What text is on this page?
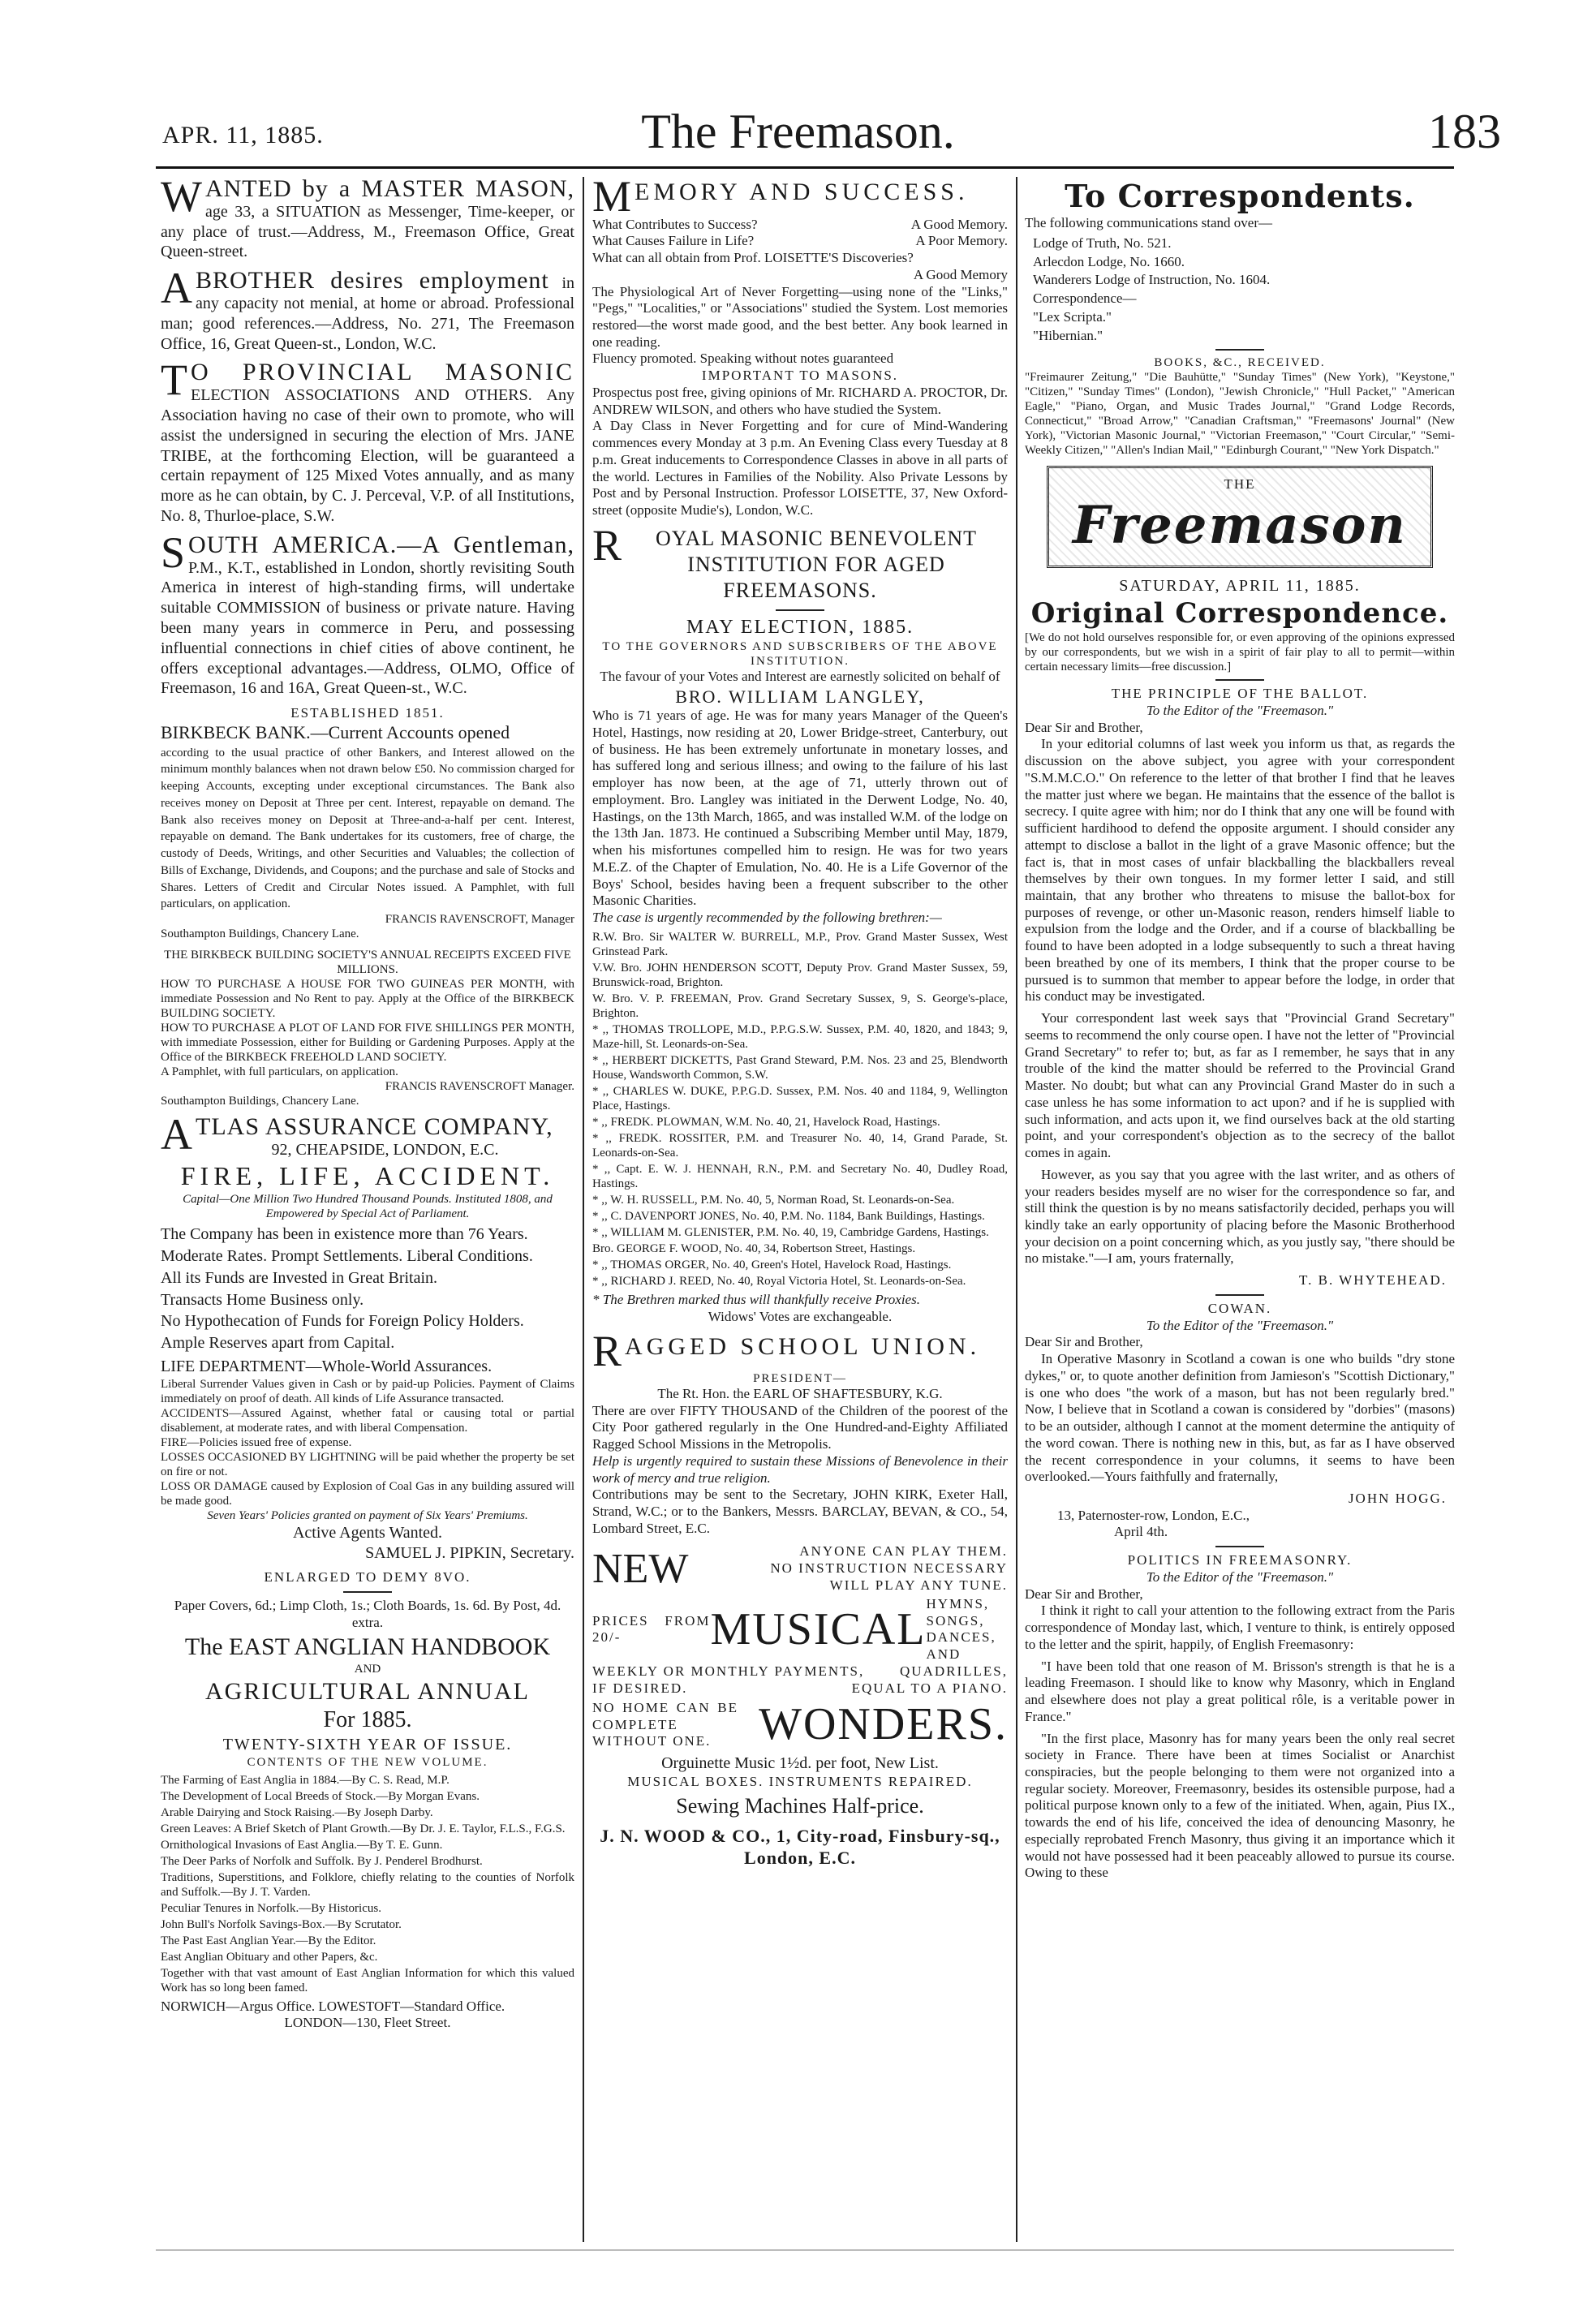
APR. 11, 1885.	The Freemason.	183
W ANTED by a MASTER MASON, age 33, a SITUATION as Messenger, Time-keeper, or any place of trust.—Address, M., Freemason Office, Great Queen-street.
A BROTHER desires employment in any capacity not menial, at home or abroad. Professional man; good references.—Address, No. 271, The Freemason Office, 16, Great Queen-st., London, W.C.
T O PROVINCIAL MASONIC ELECTION ASSOCIATIONS AND OTHERS. Any Association having no case of their own to promote, who will assist the undersigned in securing the election of Mrs. JANE TRIBE, at the forthcoming Election, will be guaranteed a certain repayment of 125 Mixed Votes annually, and as many more as he can obtain, by C. J. Perceval, V.P. of all Institutions, No. 8, Thurloe-place, S.W.
S OUTH AMERICA.—A Gentleman, P.M., K.T., established in London, shortly revisiting South America in interest of high-standing firms, will undertake suitable COMMISSION of business or private nature. Having been many years in commerce in Peru, and possessing influential connections in chief cities of above continent, he offers exceptional advantages.—Address, OLMO, Office of Freemason, 16 and 16A, Great Queen-st., W.C.
ESTABLISHED 1851.
BIRKBECK BANK.—Current Accounts opened
according to the usual practice of other Bankers, and Interest allowed on the minimum monthly balances when not drawn below £50. No commission charged for keeping Accounts, excepting under exceptional circumstances. The Bank also receives money on Deposit at Three per cent. Interest, repayable on demand. The Bank also receives money on Deposit at Three-and-a-half per cent. Interest, repayable on demand. The Bank undertakes for its customers, free of charge, the custody of Deeds, Writings, and other Securities and Valuables; the collection of Bills of Exchange, Dividends, and Coupons; and the purchase and sale of Stocks and Shares. Letters of Credit and Circular Notes issued. A Pamphlet, with full particulars, on application.
FRANCIS RAVENSCROFT, Manager
Southampton Buildings, Chancery Lane.
THE BIRKBECK BUILDING SOCIETY'S ANNUAL RECEIPTS EXCEED FIVE MILLIONS.
HOW TO PURCHASE A HOUSE FOR TWO GUINEAS PER MONTH, with immediate Possession and No Rent to pay. Apply at the Office of the BIRKBECK BUILDING SOCIETY.
HOW TO PURCHASE A PLOT OF LAND FOR FIVE SHILLINGS PER MONTH, with immediate Possession, either for Building or Gardening Purposes. Apply at the Office of the BIRKBECK FREEHOLD LAND SOCIETY.
A Pamphlet, with full particulars, on application.
FRANCIS RAVENSCROFT Manager.
Southampton Buildings, Chancery Lane.
A TLAS ASSURANCE COMPANY,
92, CHEAPSIDE, LONDON, E.C.
FIRE, LIFE, ACCIDENT.
Capital—One Million Two Hundred Thousand Pounds. Instituted 1808, and Empowered by Special Act of Parliament.
The Company has been in existence more than 76 Years.
Moderate Rates. Prompt Settlements. Liberal Conditions.
All its Funds are Invested in Great Britain.
Transacts Home Business only.
No Hypothecation of Funds for Foreign Policy Holders.
Ample Reserves apart from Capital.
LIFE DEPARTMENT—Whole-World Assurances.
Liberal Surrender Values given in Cash or by paid-up Policies. Payment of Claims immediately on proof of death. All kinds of Life Assurance transacted.
ACCIDENTS—Assured Against, whether fatal or causing total or partial disablement, at moderate rates, and with liberal Compensation.
FIRE—Policies issued free of expense.
LOSSES OCCASIONED BY LIGHTNING will be paid whether the property be set on fire or not.
LOSS OR DAMAGE caused by Explosion of Coal Gas in any building assured will be made good.
Seven Years' Policies granted on payment of Six Years' Premiums.
Active Agents Wanted.
SAMUEL J. PIPKIN, Secretary.
ENLARGED TO DEMY 8VO.
Paper Covers, 6d.; Limp Cloth, 1s.; Cloth Boards, 1s. 6d. By Post, 4d. extra.
The EAST ANGLIAN HANDBOOK
AND
AGRICULTURAL ANNUAL
For 1885.
TWENTY-SIXTH YEAR OF ISSUE.
CONTENTS OF THE NEW VOLUME.
The Farming of East Anglia in 1884.—By C. S. Read, M.P.
The Development of Local Breeds of Stock.—By Morgan Evans.
Arable Dairying and Stock Raising.—By Joseph Darby.
Green Leaves: A Brief Sketch of Plant Growth.—By Dr. J. E. Taylor, F.L.S., F.G.S.
Ornithological Invasions of East Anglia.—By T. E. Gunn.
The Deer Parks of Norfolk and Suffolk. By J. Penderel Brodhurst.
Traditions, Superstitions, and Folklore, chiefly relating to the counties of Norfolk and Suffolk.—By J. T. Varden.
Peculiar Tenures in Norfolk.—By Historicus.
John Bull's Norfolk Savings-Box.—By Scrutator.
The Past East Anglian Year.—By the Editor.
East Anglian Obituary and other Papers, &c.
Together with that vast amount of East Anglian Information for which this valued Work has so long been famed.
NORWICH—Argus Office. LOWESTOFT—Standard Office.
LONDON—130, Fleet Street.
M EMORY AND SUCCESS.
What Contributes to Success?	A Good Memory.
What Causes Failure in Life?	A Poor Memory.
What can all obtain from Prof. LOISETTE'S Discoveries?
A Good Memory
The Physiological Art of Never Forgetting—using none of the "Links," "Pegs," "Localities," or "Associations" studied the System. Lost memories restored—the worst made good, and the best better. Any book learned in one reading.
Fluency promoted. Speaking without notes guaranteed
IMPORTANT TO MASONS.
Prospectus post free, giving opinions of Mr. RICHARD A. PROCTOR, Dr. ANDREW WILSON, and others who have studied the System.
A Day Class in Never Forgetting and for cure of Mind-Wandering commences every Monday at 3 p.m. An Evening Class every Tuesday at 8 p.m. Great inducements to Correspondence Classes in above in all parts of the world. Lectures in Families of the Nobility. Also Private Lessons by Post and by Personal Instruction. Professor LOISETTE, 37, New Oxford-street (opposite Mudie's), London, W.C.
R	OYAL MASONIC BENEVOLENT INSTITUTION FOR AGED FREEMASONS.
MAY ELECTION, 1885.
TO THE GOVERNORS AND SUBSCRIBERS OF THE ABOVE INSTITUTION.
The favour of your Votes and Interest are earnestly solicited on behalf of
BRO. WILLIAM LANGLEY,
Who is 71 years of age. He was for many years Manager of the Queen's Hotel, Hastings, now residing at 20, Lower Bridge-street, Canterbury, out of business. He has been extremely unfortunate in monetary losses, and has suffered long and serious illness; and owing to the failure of his last employer has now been, at the age of 71, utterly thrown out of employment. Bro. Langley was initiated in the Derwent Lodge, No. 40, Hastings, on the 13th March, 1865, and was installed W.M. of the lodge on the 13th Jan. 1873. He continued a Subscribing Member until May, 1879, when his misfortunes compelled him to resign. He was for two years M.E.Z. of the Chapter of Emulation, No. 40. He is a Life Governor of the Boys' School, besides having been a frequent subscriber to the other Masonic Charities.
The case is urgently recommended by the following brethren:—
R.W. Bro. Sir WALTER W. BURRELL, M.P., Prov. Grand Master Sussex, West Grinstead Park.
V.W. Bro. JOHN HENDERSON SCOTT, Deputy Prov. Grand Master Sussex, 59, Brunswick-road, Brighton.
W. Bro. V. P. FREEMAN, Prov. Grand Secretary Sussex, 9, S. George's-place, Brighton.
* ,, THOMAS TROLLOPE, M.D., P.P.G.S.W. Sussex, P.M. 40, 1820, and 1843; 9, Maze-hill, St. Leonards-on-Sea.
* ,, HERBERT DICKETTS, Past Grand Steward, P.M. Nos. 23 and 25, Blendworth House, Wandsworth Common, S.W.
* ,, CHARLES W. DUKE, P.P.G.D. Sussex, P.M. Nos. 40 and 1184, 9, Wellington Place, Hastings.
* ,, FREDK. PLOWMAN, W.M. No. 40, 21, Havelock Road, Hastings.
* ,, FREDK. ROSSITER, P.M. and Treasurer No. 40, 14, Grand Parade, St. Leonards-on-Sea.
* ,, Capt. E. W. J. HENNAH, R.N., P.M. and Secretary No. 40, Dudley Road, Hastings.
* ,, W. H. RUSSELL, P.M. No. 40, 5, Norman Road, St. Leonards-on-Sea.
* ,, C. DAVENPORT JONES, No. 40, P.M. No. 1184, Bank Buildings, Hastings.
* ,, WILLIAM M. GLENISTER, P.M. No. 40, 19, Cambridge Gardens, Hastings.
Bro. GEORGE F. WOOD, No. 40, 34, Robertson Street, Hastings.
* ,, THOMAS ORGER, No. 40, Green's Hotel, Havelock Road, Hastings.
* ,, RICHARD J. REED, No. 40, Royal Victoria Hotel, St. Leonards-on-Sea.
* The Brethren marked thus will thankfully receive Proxies.
Widows' Votes are exchangeable.
R AGGED SCHOOL UNION.
PRESIDENT—
The Rt. Hon. the EARL OF SHAFTESBURY, K.G.
There are over FIFTY THOUSAND of the Children of the poorest of the City Poor gathered regularly in the One Hundred-and-Eighty Affiliated Ragged School Missions in the Metropolis.
Help is urgently required to sustain these Missions of Benevolence in their work of mercy and true religion.
Contributions may be sent to the Secretary, JOHN KIRK, Exeter Hall, Strand, W.C.; or to the Bankers, Messrs. BARCLAY, BEVAN, & CO., 54, Lombard Street, E.C.
NEW	ANYONE CAN PLAY THEM.
NO INSTRUCTION NECESSARY
WILL PLAY ANY TUNE.
PRICES FROM 20/-	MUSICAL
HYMNS, SONGS, DANCES, AND
WEEKLY OR MONTHLY PAYMENTS,	QUADRILLES,
IF DESIRED.	EQUAL TO A PIANO.
NO HOME CAN BE COMPLETE WITHOUT ONE.	WONDERS.
Orguinette Music 1½d. per foot, New List.
MUSICAL BOXES. INSTRUMENTS REPAIRED.
Sewing Machines Half-price.
J. N. WOOD & CO., 1, City-road, Finsbury-sq., London, E.C.
To Correspondents.
The following communications stand over—
Lodge of Truth, No. 521.
Arlecdon Lodge, No. 1660.
Wanderers Lodge of Instruction, No. 1604.
Correspondence—
"Lex Scripta."
"Hibernian."
BOOKS, &C., RECEIVED.
"Freimaurer Zeitung," "Die Bauhütte," "Sunday Times" (New York), "Keystone," "Citizen," "Sunday Times" (London), "Jewish Chronicle," "Hull Packet," "American Eagle," "Piano, Organ, and Music Trades Journal," "Grand Lodge Records, Connecticut," "Broad Arrow," "Canadian Craftsman," "Freemasons' Journal" (New York), "Victorian Masonic Journal," "Victorian Freemason," "Court Circular," "Semi-Weekly Citizen," "Allen's Indian Mail," "Edinburgh Courant," "New York Dispatch."
THE
Freemason
SATURDAY, APRIL 11, 1885.
Original Correspondence.
[We do not hold ourselves responsible for, or even approving of the opinions expressed by our correspondents, but we wish in a spirit of fair play to all to permit—within certain necessary limits—free discussion.]
THE PRINCIPLE OF THE BALLOT.
To the Editor of the "Freemason."
Dear Sir and Brother,
In your editorial columns of last week you inform us that, as regards the discussion on the above subject, you agree with your correspondent "S.M.M.C.O." On reference to the letter of that brother I find that he leaves the matter just where we began. He maintains that the essence of the ballot is secrecy. I quite agree with him; nor do I think that any one will be found with sufficient hardihood to defend the opposite argument. I should consider any attempt to disclose a ballot in the light of a grave Masonic offence; but the fact is, that in most cases of unfair blackballing the blackballers reveal themselves by their own tongues. In my former letter I said, and still maintain, that any brother who threatens to misuse the ballot-box for purposes of revenge, or other un-Masonic reason, renders himself liable to expulsion from the lodge and the Order, and if a course of blackballing be found to have been adopted in a lodge subsequently to such a threat having been breathed by one of its members, I think that the proper course to be pursued is to summon that member to appear before the lodge, in order that his conduct may be investigated.
Your correspondent last week says that "Provincial Grand Secretary" seems to recommend the only course open. I have not the letter of "Provincial Grand Secretary" to refer to; but, as far as I remember, he says that in any trouble of the kind the matter should be referred to the Provincial Grand Master. No doubt; but what can any Provincial Grand Master do in such a case unless he has some information to act upon? and if he is supplied with such information, and acts upon it, we find ourselves back at the old starting point, and your correspondent's objection as to the secrecy of the ballot comes in again.
However, as you say that you agree with the last writer, and as others of your readers besides myself are no wiser for the correspondence so far, and still think the question is by no means satisfactorily decided, perhaps you will kindly take an early opportunity of placing before the Masonic Brotherhood your decision on a point concerning which, as you justly say, "there should be no mistake."—I am, yours fraternally,
T. B. WHYTEHEAD.
COWAN.
To the Editor of the "Freemason."
Dear Sir and Brother,
In Operative Masonry in Scotland a cowan is one who builds "dry stone dykes," or, to quote another definition from Jamieson's "Scottish Dictionary," is one who does "the work of a mason, but has not been regularly bred." Now, I believe that in Scotland a cowan is considered by "dorbies" (masons) to be an outsider, although I cannot at the moment determine the antiquity of the word cowan. There is nothing new in this, but, as far as I have observed the recent correspondence in your columns, it seems to have been overlooked.—Yours faithfully and fraternally,
JOHN HOGG.
13, Paternoster-row, London, E.C.,
April 4th.
POLITICS IN FREEMASONRY.
To the Editor of the "Freemason."
Dear Sir and Brother,
I think it right to call your attention to the following extract from the Paris correspondence of Monday last, which, I venture to think, is entirely opposed to the letter and the spirit, happily, of English Freemasonry:
"I have been told that one reason of M. Brisson's strength is that he is a leading Freemason. I should like to know why Masonry, which in England and elsewhere does not play a great political rôle, is a veritable power in France."
"In the first place, Masonry has for many years been the only real secret society in France. There have been at times Socialist or Anarchist conspiracies, but the people belonging to them were not organized into a regular society. Moreover, Freemasonry, besides its ostensible purpose, had a political purpose known only to a few of the initiated. When, again, Pius IX., towards the end of his life, conceived the idea of denouncing Masonry, he especially reprobated French Masonry, thus giving it an importance which it would not have possessed had it been peaceably allowed to pursue its course. Owing to these
